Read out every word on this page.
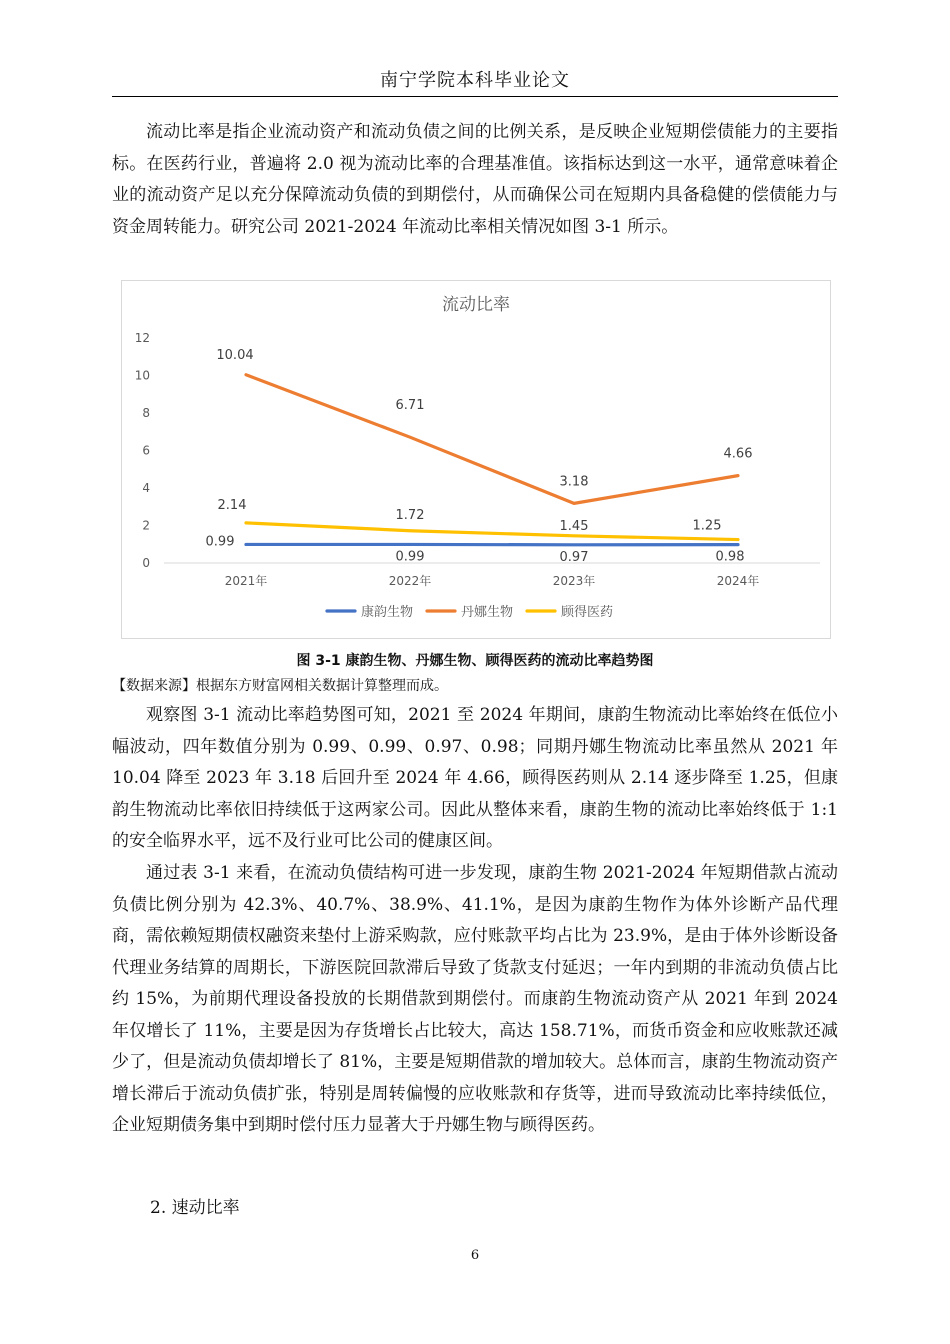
南宁学院本科毕业论文

流动比率是指企业流动资产和流动负债之间的比例关系，是反映企业短期偿债能力的主要指标。在医药行业，普遍将 2.0 视为流动比率的合理基准值。该指标达到这一水平，通常意味着企业的流动资产足以充分保障流动负债的到期偿付，从而确保公司在短期内具备稳健的偿债能力与资金周转能力。研究公司 2021-2024 年流动比率相关情况如图 3-1 所示。

流动比率
0
2
4
6
8
10
12
2021年	2022年	2023年	2024年
0.99
0.99	0.97	0.98
10.04
6.71
3.18
4.66
2.14
1.72
1.45	1.25
康韵生物	丹娜生物	顾得医药
图 3-1 康韵生物、丹娜生物、顾得医药的流动比率趋势图
【数据来源】根据东方财富网相关数据计算整理而成。

观察图 3-1 流动比率趋势图可知，2021 至 2024 年期间，康韵生物流动比率始终在低位小幅波动，四年数值分别为 0.99、0.99、0.97、0.98；同期丹娜生物流动比率虽然从 2021 年 10.04 降至 2023 年 3.18 后回升至 2024 年 4.66，顾得医药则从 2.14 逐步降至 1.25，但康韵生物流动比率依旧持续低于这两家公司。因此从整体来看，康韵生物的流动比率始终低于 1:1 的安全临界水平，远不及行业可比公司的健康区间。

通过表 3-1 来看，在流动负债结构可进一步发现，康韵生物 2021-2024 年短期借款占流动负债比例分别为 42.3%、40.7%、38.9%、41.1%，是因为康韵生物作为体外诊断产品代理商，需依赖短期债权融资来垫付上游采购款，应付账款平均占比为 23.9%，是由于体外诊断设备代理业务结算的周期长，下游医院回款滞后导致了货款支付延迟；一年内到期的非流动负债占比约 15%，为前期代理设备投放的长期借款到期偿付。而康韵生物流动资产从 2021 年到 2024 年仅增长了 11%，主要是因为存货增长占比较大，高达 158.71%，而货币资金和应收账款还减少了，但是流动负债却增长了 81%，主要是短期借款的增加较大。总体而言，康韵生物流动资产增长滞后于流动负债扩张，特别是周转偏慢的应收账款和存货等，进而导致流动比率持续低位，企业短期债务集中到期时偿付压力显著大于丹娜生物与顾得医药。

2. 速动比率
6
